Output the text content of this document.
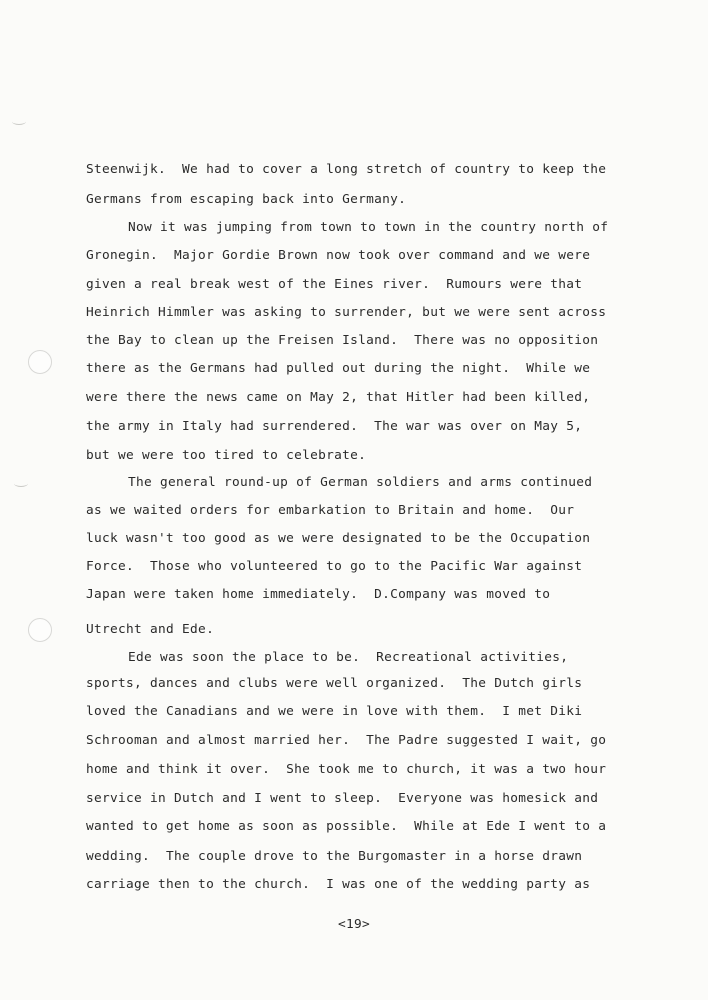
Steenwijk.  We had to cover a long stretch of country to keep the
Germans from escaping back into Germany.
Now it was jumping from town to town in the country north of
Gronegin.  Major Gordie Brown now took over command and we were
given a real break west of the Eines river.  Rumours were that
Heinrich Himmler was asking to surrender, but we were sent across
the Bay to clean up the Freisen Island.  There was no opposition
there as the Germans had pulled out during the night.  While we
were there the news came on May 2, that Hitler had been killed,
the army in Italy had surrendered.  The war was over on May 5,
but we were too tired to celebrate.
The general round-up of German soldiers and arms continued
as we waited orders for embarkation to Britain and home.  Our
luck wasn't too good as we were designated to be the Occupation
Force.  Those who volunteered to go to the Pacific War against
Japan were taken home immediately.  D.Company was moved to
Utrecht and Ede.
Ede was soon the place to be.  Recreational activities,
sports, dances and clubs were well organized.  The Dutch girls
loved the Canadians and we were in love with them.  I met Diki
Schrooman and almost married her.  The Padre suggested I wait, go
home and think it over.  She took me to church, it was a two hour
service in Dutch and I went to sleep.  Everyone was homesick and
wanted to get home as soon as possible.  While at Ede I went to a
wedding.  The couple drove to the Burgomaster in a horse drawn
carriage then to the church.  I was one of the wedding party as
<19>
